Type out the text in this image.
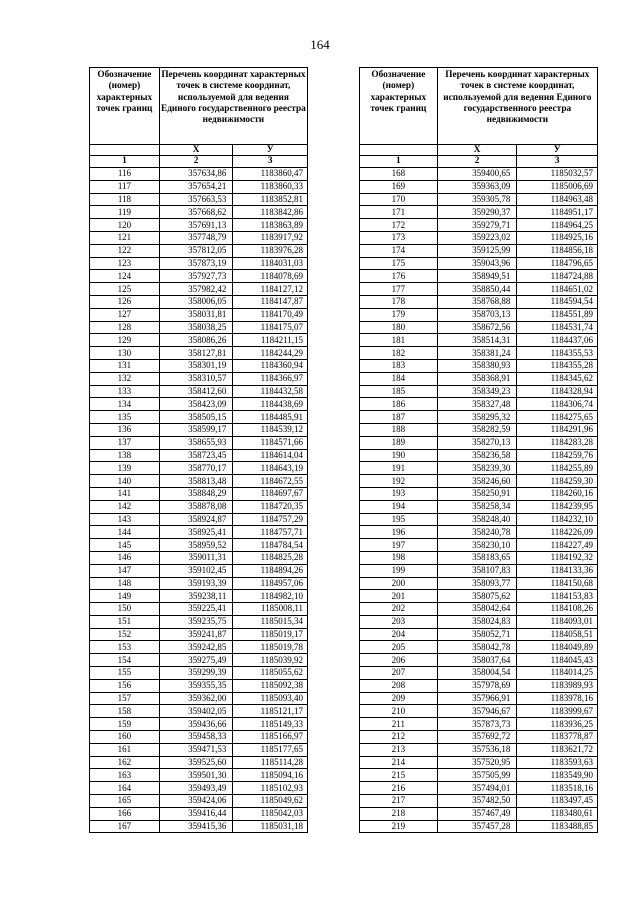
164
Обозначение (номер) характерных точек границ	Перечень координат характерных точек в системе координат, используемой для ведения Единого государственного реестра недвижимости	
	X	У
1	2	3
116	357634,86	1183860,47
117	357654,21	1183860,33
118	357663,53	1183852,81
119	357668,62	1183842,86
120	357691,13	1183863,89
121	357748,79	1183917,92
122	357812,05	1183976,28
123	357873,19	1184031,03
124	357927,73	1184078,69
125	357982,42	1184127,12
126	358006,05	1184147,87
127	358031,81	1184170,49
128	358038,25	1184175,07
129	358086,26	1184211,15
130	358127,81	1184244,29
131	358301,19	1184360,94
132	358310,57	1184366,97
133	358412,60	1184432,58
134	358423,09	1184438,69
135	358505,15	1184485,91
136	358599,17	1184539,12
137	358655,93	1184571,66
138	358723,45	1184614,04
139	358770,17	1184643,19
140	358813,48	1184672,55
141	358848,29	1184697,67
142	358878,08	1184720,35
143	358924,87	1184757,29
144	358925,41	1184757,71
145	358959,52	1184784,54
146	359011,31	1184825,28
147	359102,45	1184894,26
148	359193,39	1184957,06
149	359238,11	1184982,10
150	359225,41	1185008,11
151	359235,75	1185015,34
152	359241,87	1185019,17
153	359242,85	1185019,78
154	359275,49	1185039,92
155	359299,39	1185055,62
156	359355,35	1185092,38
157	359362,00	1185093,40
158	359402,05	1185121,17
159	359436,66	1185149,33
160	359458,33	1185166,97
161	359471,53	1185177,65
162	359525,60	1185114,28
163	359501,30	1185094,16
164	359493,49	1185102,93
165	359424,06	1185049,62
166	359416,44	1185042,03
167	359415,36	1185031,18
Обозначение (номер) характерных точек границ	Перечень координат характерных точек в системе координат, используемой для ведения Единого государственного реестра недвижимости	
	X	У
1	2	3
168	359400,65	1185032,57
169	359363,09	1185006,69
170	359305,78	1184963,48
171	359290,37	1184951,17
172	359279,71	1184964,25
173	359223,02	1184925,16
174	359125,99	1184856,18
175	359043,96	1184796,65
176	358949,51	1184724,88
177	358850,44	1184651,02
178	358768,88	1184594,54
179	358703,13	1184551,89
180	358672,56	1184531,74
181	358514,31	1184437,06
182	358381,24	1184355,53
183	358380,93	1184355,28
184	358368,91	1184345,62
185	358349,23	1184328,94
186	358327,48	1184306,74
187	358295,32	1184275,65
188	358282,59	1184291,96
189	358270,13	1184283,28
190	358236,58	1184259,76
191	358239,30	1184255,89
192	358246,60	1184259,30
193	358250,91	1184260,16
194	358258,34	1184239,95
195	358248,40	1184232,10
196	358240,78	1184226,09
197	358230,10	1184227,49
198	358183,65	1184192,32
199	358107,83	1184133,36
200	358093,77	1184150,68
201	358075,62	1184153,83
202	358042,64	1184108,26
203	358024,83	1184093,01
204	358052,71	1184058,51
205	358042,78	1184049,89
206	358037,64	1184045,43
207	358004,54	1184014,25
208	357978,69	1183989,93
209	357966,91	1183978,16
210	357946,67	1183999,67
211	357873,73	1183936,25
212	357692,72	1183778,87
213	357536,18	1183621,72
214	357520,95	1183593,63
215	357505,99	1183549,90
216	357494,01	1183518,16
217	357482,50	1183497,45
218	357467,49	1183480,61
219	357457,28	1183488,85
